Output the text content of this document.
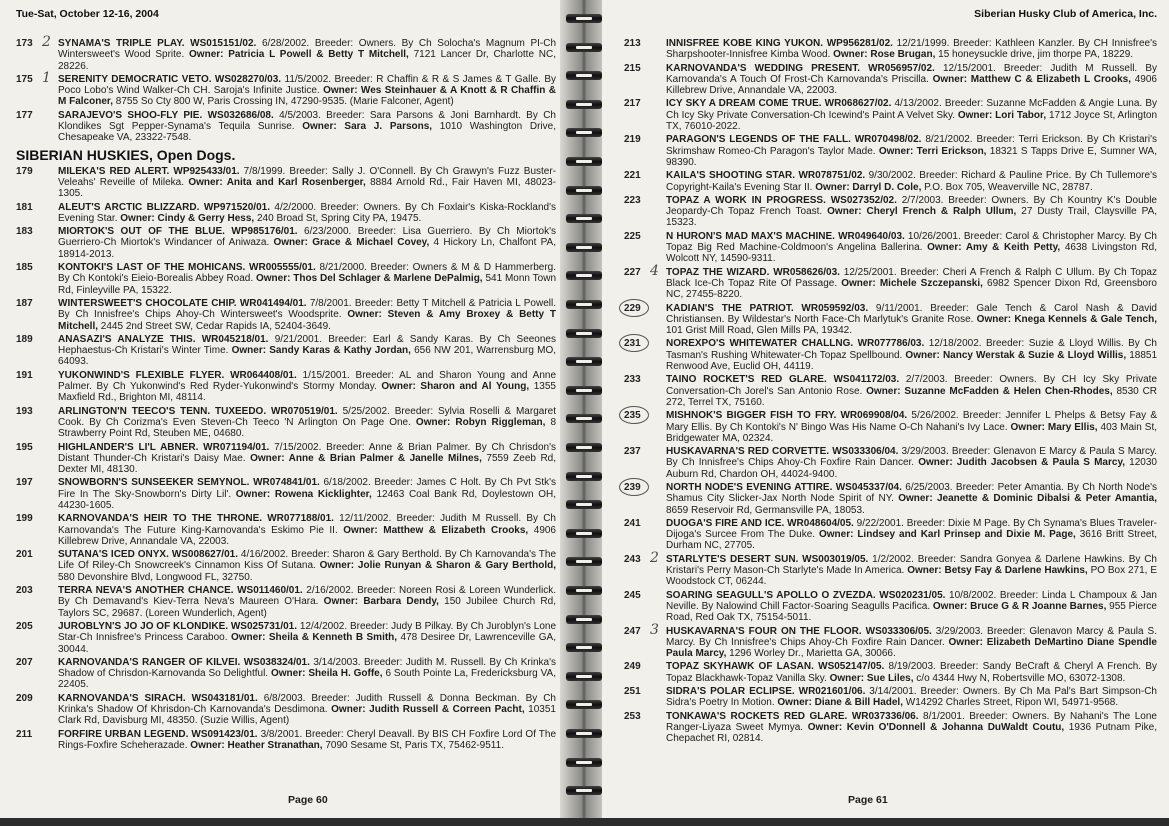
Tue-Sat, October 12-16, 2004
173 2 SYNAMA'S TRIPLE PLAY. WS015151/02. 6/28/2002. Breeder: Owners. By Ch Solocha's Magnum PI-Ch Wintersweet's Wood Sprite. Owner: Patricia L Powell & Betty T Mitchell, 7121 Lancer Dr, Charlotte NC, 28226.
175 1 SERENITY DEMOCRATIC VETO. WS028270/03. 11/5/2002. Breeder: R Chaffin & R & S James & T Galle. By Poco Lobo's Wind Walker-Ch CH. Saroja's Infinite Justice. Owner: Wes Steinhauer & A Knott & R Chaffin & M Falconer, 8755 So Cty 800 W, Paris Crossing IN, 47290-9535. (Marie Falconer, Agent)
177	SARAJEVO'S SHOO-FLY PIE. WS032686/08. 4/5/2003. Breeder: Sara Parsons & Joni Barnhardt. By Ch Klondikes Sgt Pepper-Synama's Tequila Sunrise. Owner: Sara J. Parsons, 1010 Washington Drive, Chesapeake VA, 23322-7548.
SIBERIAN HUSKIES, Open Dogs.
179	MILEKA'S RED ALERT. WP925433/01. 7/8/1999. Breeder: Sally J. O'Connell. By Ch Grawyn's Fuzz Buster-Veleahs' Reveille of Mileka. Owner: Anita and Karl Rosenberger, 8884 Arnold Rd., Fair Haven MI, 48023-1305.
181	ALEUT'S ARCTIC BLIZZARD. WP971520/01. 4/2/2000. Breeder: Owners. By Ch Foxlair's Kiska-Rockland's Evening Star. Owner: Cindy & Gerry Hess, 240 Broad St, Spring City PA, 19475.
183	MIORTOK'S OUT OF THE BLUE. WP985176/01. 6/23/2000. Breeder: Lisa Guerriero. By Ch Miortok's Guerriero-Ch Miortok's Windancer of Aniwaza. Owner: Grace & Michael Covey, 4 Hickory Ln, Chalfont PA, 18914-2013.
185	KONTOKI'S LAST OF THE MOHICANS. WR005555/01. 8/21/2000. Breeder: Owners & M & D Hammerberg. By Ch Kontoki's Eieio-Borealis Abbey Road. Owner: Thos Del Schlager & Marlene DePalmig, 541 Monn Town Rd, Finleyville PA, 15322.
187	WINTERSWEET'S CHOCOLATE CHIP. WR041494/01. 7/8/2001. Breeder: Betty T Mitchell & Patricia L Powell. By Ch Innisfree's Chips Ahoy-Ch Wintersweet's Woodsprite. Owner: Steven & Amy Broxey & Betty T Mitchell, 2445 2nd Street SW, Cedar Rapids IA, 52404-3649.
189	ANASAZI'S ANALYZE THIS. WR045218/01. 9/21/2001. Breeder: Earl & Sandy Karas. By Ch Seeones Hephaestus-Ch Kristari's Winter Time. Owner: Sandy Karas & Kathy Jordan, 656 NW 201, Warrensburg MO, 64093.
191	YUKONWIND'S FLEXIBLE FLYER. WR064408/01. 1/15/2001. Breeder: AL and Sharon Young and Anne Palmer. By Ch Yukonwind's Red Ryder-Yukonwind's Stormy Monday. Owner: Sharon and Al Young, 1355 Maxfield Rd., Brighton MI, 48114.
193	ARLINGTON'N TEECO'S TENN. TUXEEDO. WR070519/01. 5/25/2002. Breeder: Sylvia Roselli & Margaret Cook. By Ch Corizma's Even Steven-Ch Teeco 'N Arlington On Page One. Owner: Robyn Riggleman, 8 Strawberry Point Rd, Steuben ME, 04680.
195	HIGHLANDER'S LI'L ABNER. WR071194/01. 7/15/2002. Breeder: Anne & Brian Palmer. By Ch Chrisdon's Distant Thunder-Ch Kristari's Daisy Mae. Owner: Anne & Brian Palmer & Janelle Milnes, 7559 Zeeb Rd, Dexter MI, 48130.
197	SNOWBORN'S SUNSEEKER SEMYNOL. WR074841/01. 6/18/2002. Breeder: James C Holt. By Ch Pvt Stk's Fire In The Sky-Snowborn's Dirty Lil'. Owner: Rowena Kicklighter, 12463 Coal Bank Rd, Doylestown OH, 44230-1605.
199	KARNOVANDA'S HEIR TO THE THRONE. WR077188/01. 12/11/2002. Breeder: Judith M Russell. By Ch Karnovanda's The Future King-Karnovanda's Eskimo Pie II. Owner: Matthew & Elizabeth Crooks, 4906 Killebrew Drive, Annandale VA, 22003.
201	SUTANA'S ICED ONYX. WS008627/01. 4/16/2002. Breeder: Sharon & Gary Berthold. By Ch Karnovanda's The Life Of Riley-Ch Snowcreek's Cinnamon Kiss Of Sutana. Owner: Jolie Runyan & Sharon & Gary Berthold, 580 Devonshire Blvd, Longwood FL, 32750.
203	TERRA NEVA'S ANOTHER CHANCE. WS011460/01. 2/16/2002. Breeder: Noreen Rosi & Loreen Wunderlick. By Ch Demavand's Kiev-Terra Neva's Maureen O'Hara. Owner: Barbara Dendy, 150 Jubilee Church Rd, Taylors SC, 29687. (Loreen Wunderlich, Agent)
205	JUROBLYN'S JO JO OF KLONDIKE. WS025731/01. 12/4/2002. Breeder: Judy B Pilkay. By Ch Juroblyn's Lone Star-Ch Innisfree's Princess Caraboo. Owner: Sheila & Kenneth B Smith, 478 Desiree Dr, Lawrenceville GA, 30044.
207	KARNOVANDA'S RANGER OF KILVEI. WS038324/01. 3/14/2003. Breeder: Judith M. Russell. By Ch Krinka's Shadow of Chrisdon-Karnovanda So Delightful. Owner: Sheila H. Goffe, 6 South Pointe La, Fredericksburg VA, 22405.
209	KARNOVANDA'S SIRACH. WS043181/01. 6/8/2003. Breeder: Judith Russell & Donna Beckman. By Ch Krinka's Shadow Of Khrisdon-Ch Karnovanda's Desdimona. Owner: Judith Russell & Correen Pacht, 10351 Clark Rd, Davisburg MI, 48350. (Suzie Willis, Agent)
211	FORFIRE URBAN LEGEND. WS091423/01. 3/8/2001. Breeder: Cheryl Deavall. By BIS CH Foxfire Lord Of The Rings-Foxfire Scheherazade. Owner: Heather Stranathan, 7090 Sesame St, Paris TX, 75462-9511.
Page 60
Siberian Husky Club of America, Inc.
213	INNISFREE KOBE KING YUKON. WP956281/02. 12/21/1999. Breeder: Kathleen Kanzler. By CH Innisfree's Sharpshooter-Innisfree Kimba Wood. Owner: Rose Brugan, 15 honeysuckle drive, jim thorpe PA, 18229.
215	KARNOVANDA'S WEDDING PRESENT. WR056957/02. 12/15/2001. Breeder: Judith M Russell. By Karnovanda's A Touch Of Frost-Ch Karnovanda's Priscilla. Owner: Matthew C & Elizabeth L Crooks, 4906 Killebrew Drive, Annandale VA, 22003.
217	ICY SKY A DREAM COME TRUE. WR068627/02. 4/13/2002. Breeder: Suzanne McFadden & Angie Luna. By Ch Icy Sky Private Conversation-Ch Icewind's Paint A Velvet Sky. Owner: Lori Tabor, 1712 Joyce St, Arlington TX, 76010-2022.
219	PARAGON'S LEGENDS OF THE FALL. WR070498/02. 8/21/2002. Breeder: Terri Erickson. By Ch Kristari's Skrimshaw Romeo-Ch Paragon's Taylor Made. Owner: Terri Erickson, 18321 S Tapps Drive E, Sumner WA, 98390.
221	KAILA'S SHOOTING STAR. WR078751/02. 9/30/2002. Breeder: Richard & Pauline Price. By Ch Tullemore's Copyright-Kaila's Evening Star II. Owner: Darryl D. Cole, P.O. Box 705, Weaverville NC, 28787.
223	TOPAZ A WORK IN PROGRESS. WS027352/02. 2/7/2003. Breeder: Owners. By Ch Kountry K's Double Jeopardy-Ch Topaz French Toast. Owner: Cheryl French & Ralph Ullum, 27 Dusty Trail, Claysville PA, 15323.
225	N HURON'S MAD MAX'S MACHINE. WR049640/03. 10/26/2001. Breeder: Carol & Christopher Marcy. By Ch Topaz Big Red Machine-Coldmoon's Angelina Ballerina. Owner: Amy & Keith Petty, 4638 Livingston Rd, Wolcott NY, 14590-9311.
227 4 TOPAZ THE WIZARD. WR058626/03. 12/25/2001. Breeder: Cheri A French & Ralph C Ullum. By Ch Topaz Black Ice-Ch Topaz Rite Of Passage. Owner: Michele Szczepanski, 6982 Spencer Dixon Rd, Greensboro NC, 27455-8220.
229	KADIAN'S THE PATRIOT. WR059592/03. 9/11/2001. Breeder: Gale Tench & Carol Nash & David Christiansen. By Wildestar's North Face-Ch Marlytuk's Granite Rose. Owner: Knega Kennels & Gale Tench, 101 Grist Mill Road, Glen Mills PA, 19342.
231	NOREXPO'S WHITEWATER CHALLNG. WR077786/03. 12/18/2002. Breeder: Suzie & Lloyd Willis. By Ch Tasman's Rushing Whitewater-Ch Topaz Spellbound. Owner: Nancy Werstak & Suzie & Lloyd Willis, 18851 Renwood Ave, Euclid OH, 44119.
233	TAINO ROCKET'S RED GLARE. WS041172/03. 2/7/2003. Breeder: Owners. By CH Icy Sky Private Conversation-Ch Jorel's San Antonio Rose. Owner: Suzanne McFadden & Helen Chen-Rhodes, 8530 CR 272, Terrel TX, 75160.
235	MISHNOK'S BIGGER FISH TO FRY. WR069908/04. 5/26/2002. Breeder: Jennifer L Phelps & Betsy Fay & Mary Ellis. By Ch Kontoki's N' Bingo Was His Name O-Ch Nahani's Ivy Lace. Owner: Mary Ellis, 403 Main St, Bridgewater MA, 02324.
237	HUSKAVARNA'S RED CORVETTE. WS033306/04. 3/29/2003. Breeder: Glenavon E Marcy & Paula S Marcy. By Ch Innisfree's Chips Ahoy-Ch Foxfire Rain Dancer. Owner: Judith Jacobsen & Paula S Marcy, 12030 Auburn Rd, Chardon OH, 44024-9400.
239	NORTH NODE'S EVENING ATTIRE. WS045337/04. 6/25/2003. Breeder: Peter Amantia. By Ch North Node's Shamus City Slicker-Jax North Node Spirit of NY. Owner: Jeanette & Dominic Dibalsi & Peter Amantia, 8659 Reservoir Rd, Germansville PA, 18053.
241	DUOGA'S FIRE AND ICE. WR048604/05. 9/22/2001. Breeder: Dixie M Page. By Ch Synama's Blues Traveler-Dijoga's Surcee From The Duke. Owner: Lindsey and Karl Prinsep and Dixie M. Page, 3616 Britt Street, Durham NC, 27705.
243 2 STARLYTE'S DESERT SUN. WS003019/05. 1/2/2002. Breeder: Sandra Gonyea & Darlene Hawkins. By Ch Kristari's Perry Mason-Ch Starlyte's Made In America. Owner: Betsy Fay & Darlene Hawkins, PO Box 271, E Woodstock CT, 06244.
245	SOARING SEAGULL'S APOLLO O ZVEZDA. WS020231/05. 10/8/2002. Breeder: Linda L Champoux & Jan Neville. By Nalowind Chill Factor-Soaring Seagulls Pacifica. Owner: Bruce G & R Joanne Barnes, 955 Pierce Road, Red Oak TX, 75154-5011.
247 3 HUSKAVARNA'S FOUR ON THE FLOOR. WS033306/05. 3/29/2003. Breeder: Glenavon Marcy & Paula S. Marcy. By Ch Innisfree's Chips Ahoy-Ch Foxfire Rain Dancer. Owner: Elizabeth DeMartino Diane Spendle Paula Marcy, 1296 Worley Dr., Marietta GA, 30066.
249	TOPAZ SKYHAWK OF LASAN. WS052147/05. 8/19/2003. Breeder: Sandy BeCraft & Cheryl A French. By Topaz Blackhawk-Topaz Vanilla Sky. Owner: Sue Liles, c/o 4344 Hwy N, Robertsville MO, 63072-1308.
251	SIDRA'S POLAR ECLIPSE. WR021601/06. 3/14/2001. Breeder: Owners. By Ch Ma Pal's Bart Simpson-Ch Sidra's Poetry In Motion. Owner: Diane & Bill Hadel, W14292 Charles Street, Ripon WI, 54971-9568.
253	TONKAWA'S ROCKETS RED GLARE. WR037336/06. 8/1/2001. Breeder: Owners. By Nahani's The Lone Ranger-Liyaza Sweet Mymya. Owner: Kevin O'Donnell & Johanna DuWaldt Coutu, 1936 Putnam Pike, Chepachet RI, 02814.
Page 61
